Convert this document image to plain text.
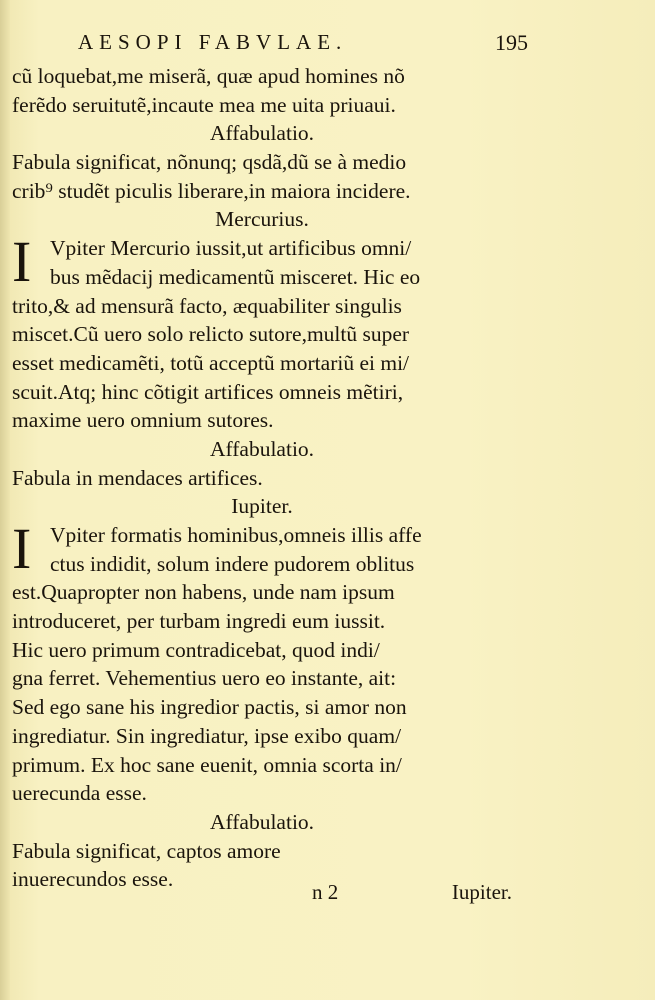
AESOPI FABVLAE.	195
cũ loquebat,me miserã, quæ apud homines nõ
ferẽdo seruitutẽ,incaute mea me uita priuaui.
Affabulatio.
Fabula significat, nõnunq; qsdã,dũ se à medio
crib⁹ studẽt piculis liberare,in maiora incidere.
Mercurius.
I Vpiter Mercurio iussit,ut artificibus omni/
bus mẽdacij medicamentũ misceret. Hic eo
trito,& ad mensurã facto, æquabiliter singulis
miscet.Cũ uero solo relicto sutore,multũ super
esset medicamẽti, totũ acceptũ mortariũ ei mi/
scuit.Atq; hinc cõtigit artifices omneis mẽtiri,
maxime uero omnium sutores.
Affabulatio.
Fabula in mendaces artifices.
Iupiter.
I Vpiter formatis hominibus,omneis illis affe
ctus indidit, solum indere pudorem oblitus
est.Quapropter non habens, unde nam ipsum
introduceret, per turbam ingredi eum iussit.
Hic uero primum contradicebat, quod indi/
gna ferret. Vehementius uero eo instante, ait:
Sed ego sane his ingredior pactis, si amor non
ingrediatur. Sin ingrediatur, ipse exibo quam/
primum. Ex hoc sane euenit, omnia scorta in/
uerecunda esse.
Affabulatio.
Fabula significat, captos amore
inuerecundos esse.
n 2	Iupiter.
